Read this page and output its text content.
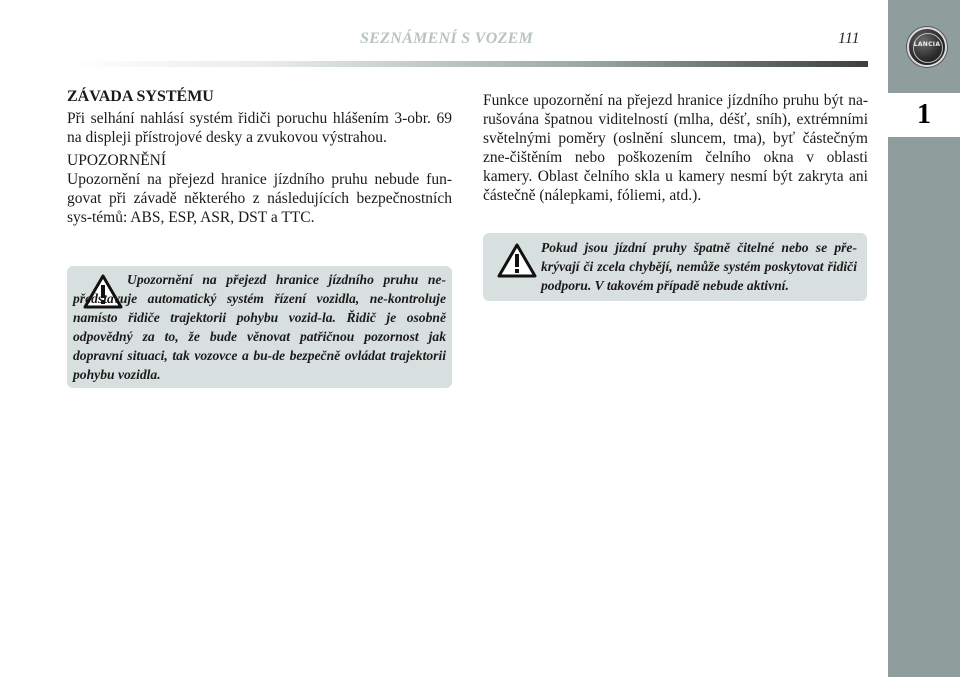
LANCIA
1
SEZNÁMENÍ S VOZEM	111
ZÁVADA SYSTÉMU

Při selhání nahlásí systém řidiči poruchu hlášením 3-obr. 69 na displeji přístrojové desky a zvukovou výstrahou.

UPOZORNĚNÍ

Upozornění na přejezd hranice jízdního pruhu nebude fun-govat při závadě některého z následujících bezpečnostních sys-témů: ABS, ESP, ASR, DST a TTC.

Upozornění na přejezd hranice jízdního pruhu ne-představuje automatický systém řízení vozidla, ne-kontroluje namísto řidiče trajektorii pohybu vozid-la. Řidič je osobně odpovědný za to, že bude věnovat patřičnou pozornost jak dopravní situaci, tak vozovce a bu-de bezpečně ovládat trajektorii pohybu vozidla.

Funkce upozornění na přejezd hranice jízdního pruhu být na-rušována špatnou viditelností (mlha, déšť, sníh), extrémními světelnými poměry (oslnění sluncem, tma), byť částečným zne-čištěním nebo poškozením čelního okna v oblasti kamery. Oblast čelního skla u kamery nesmí být zakryta ani částečně (nálepkami, fóliemi, atd.).

Pokud jsou jízdní pruhy špatně čitelné nebo se pře-krývají či zcela chybějí, nemůže systém poskytovat řidiči podporu. V takovém případě nebude aktivní.
